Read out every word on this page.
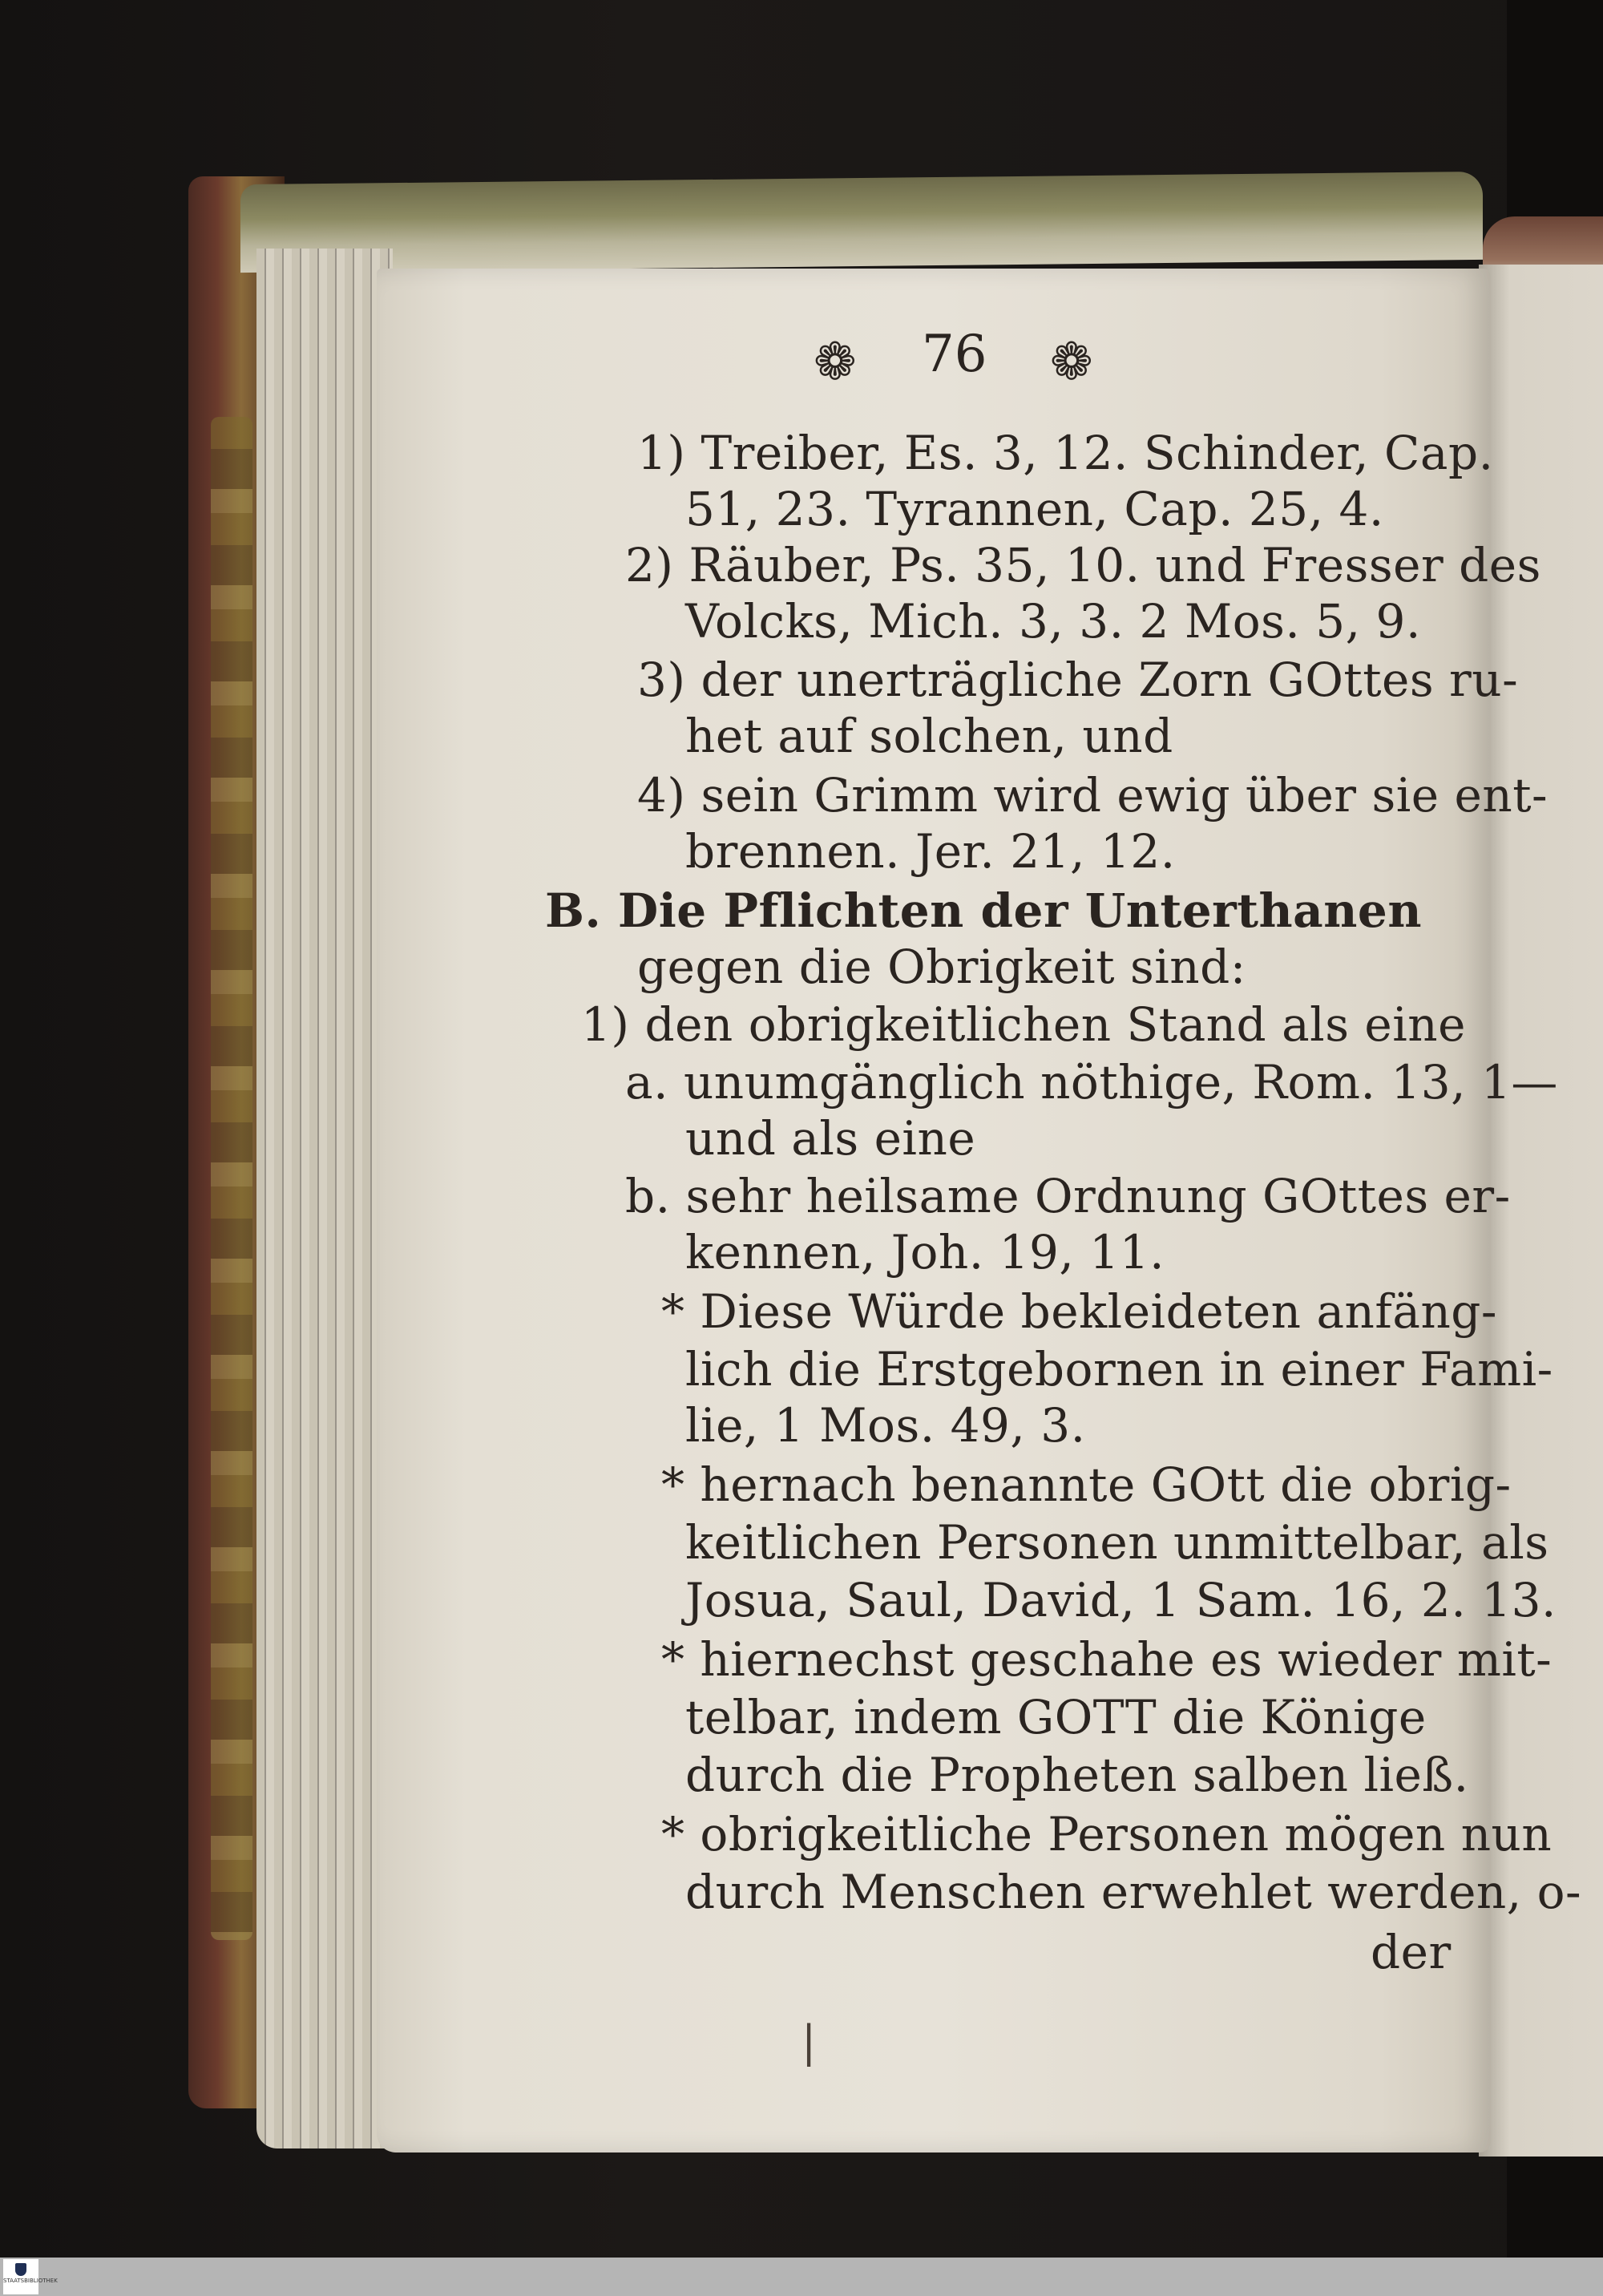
❁ 76 ❁
1) Treiber, Es. 3, 12. Schinder, Cap.
51, 23. Tyrannen, Cap. 25, 4.
2) Räuber, Ps. 35, 10. und Fresser des
Volcks, Mich. 3, 3. 2 Mos. 5, 9.
3) der unerträgliche Zorn GOttes ru-
het auf solchen, und
4) sein Grimm wird ewig über sie ent-
brennen. Jer. 21, 12.
B. Die Pflichten der Unterthanen
gegen die Obrigkeit sind:
1) den obrigkeitlichen Stand als eine
a. unumgänglich nöthige, Rom. 13, 1—
und als eine
b. sehr heilsame Ordnung GOttes er-
kennen, Joh. 19, 11.
* Diese Würde bekleideten anfäng-
lich die Erstgebornen in einer Fami-
lie, 1 Mos. 49, 3.
* hernach benannte GOtt die obrig-
keitlichen Personen unmittelbar, als
Josua, Saul, David, 1 Sam. 16, 2. 13.
* hiernechst geschahe es wieder mit-
telbar, indem GOTT die Könige
durch die Propheten salben ließ.
* obrigkeitliche Personen mögen nun
durch Menschen erwehlet werden, o-
der
|
STAATSBIBLIOTHEK
